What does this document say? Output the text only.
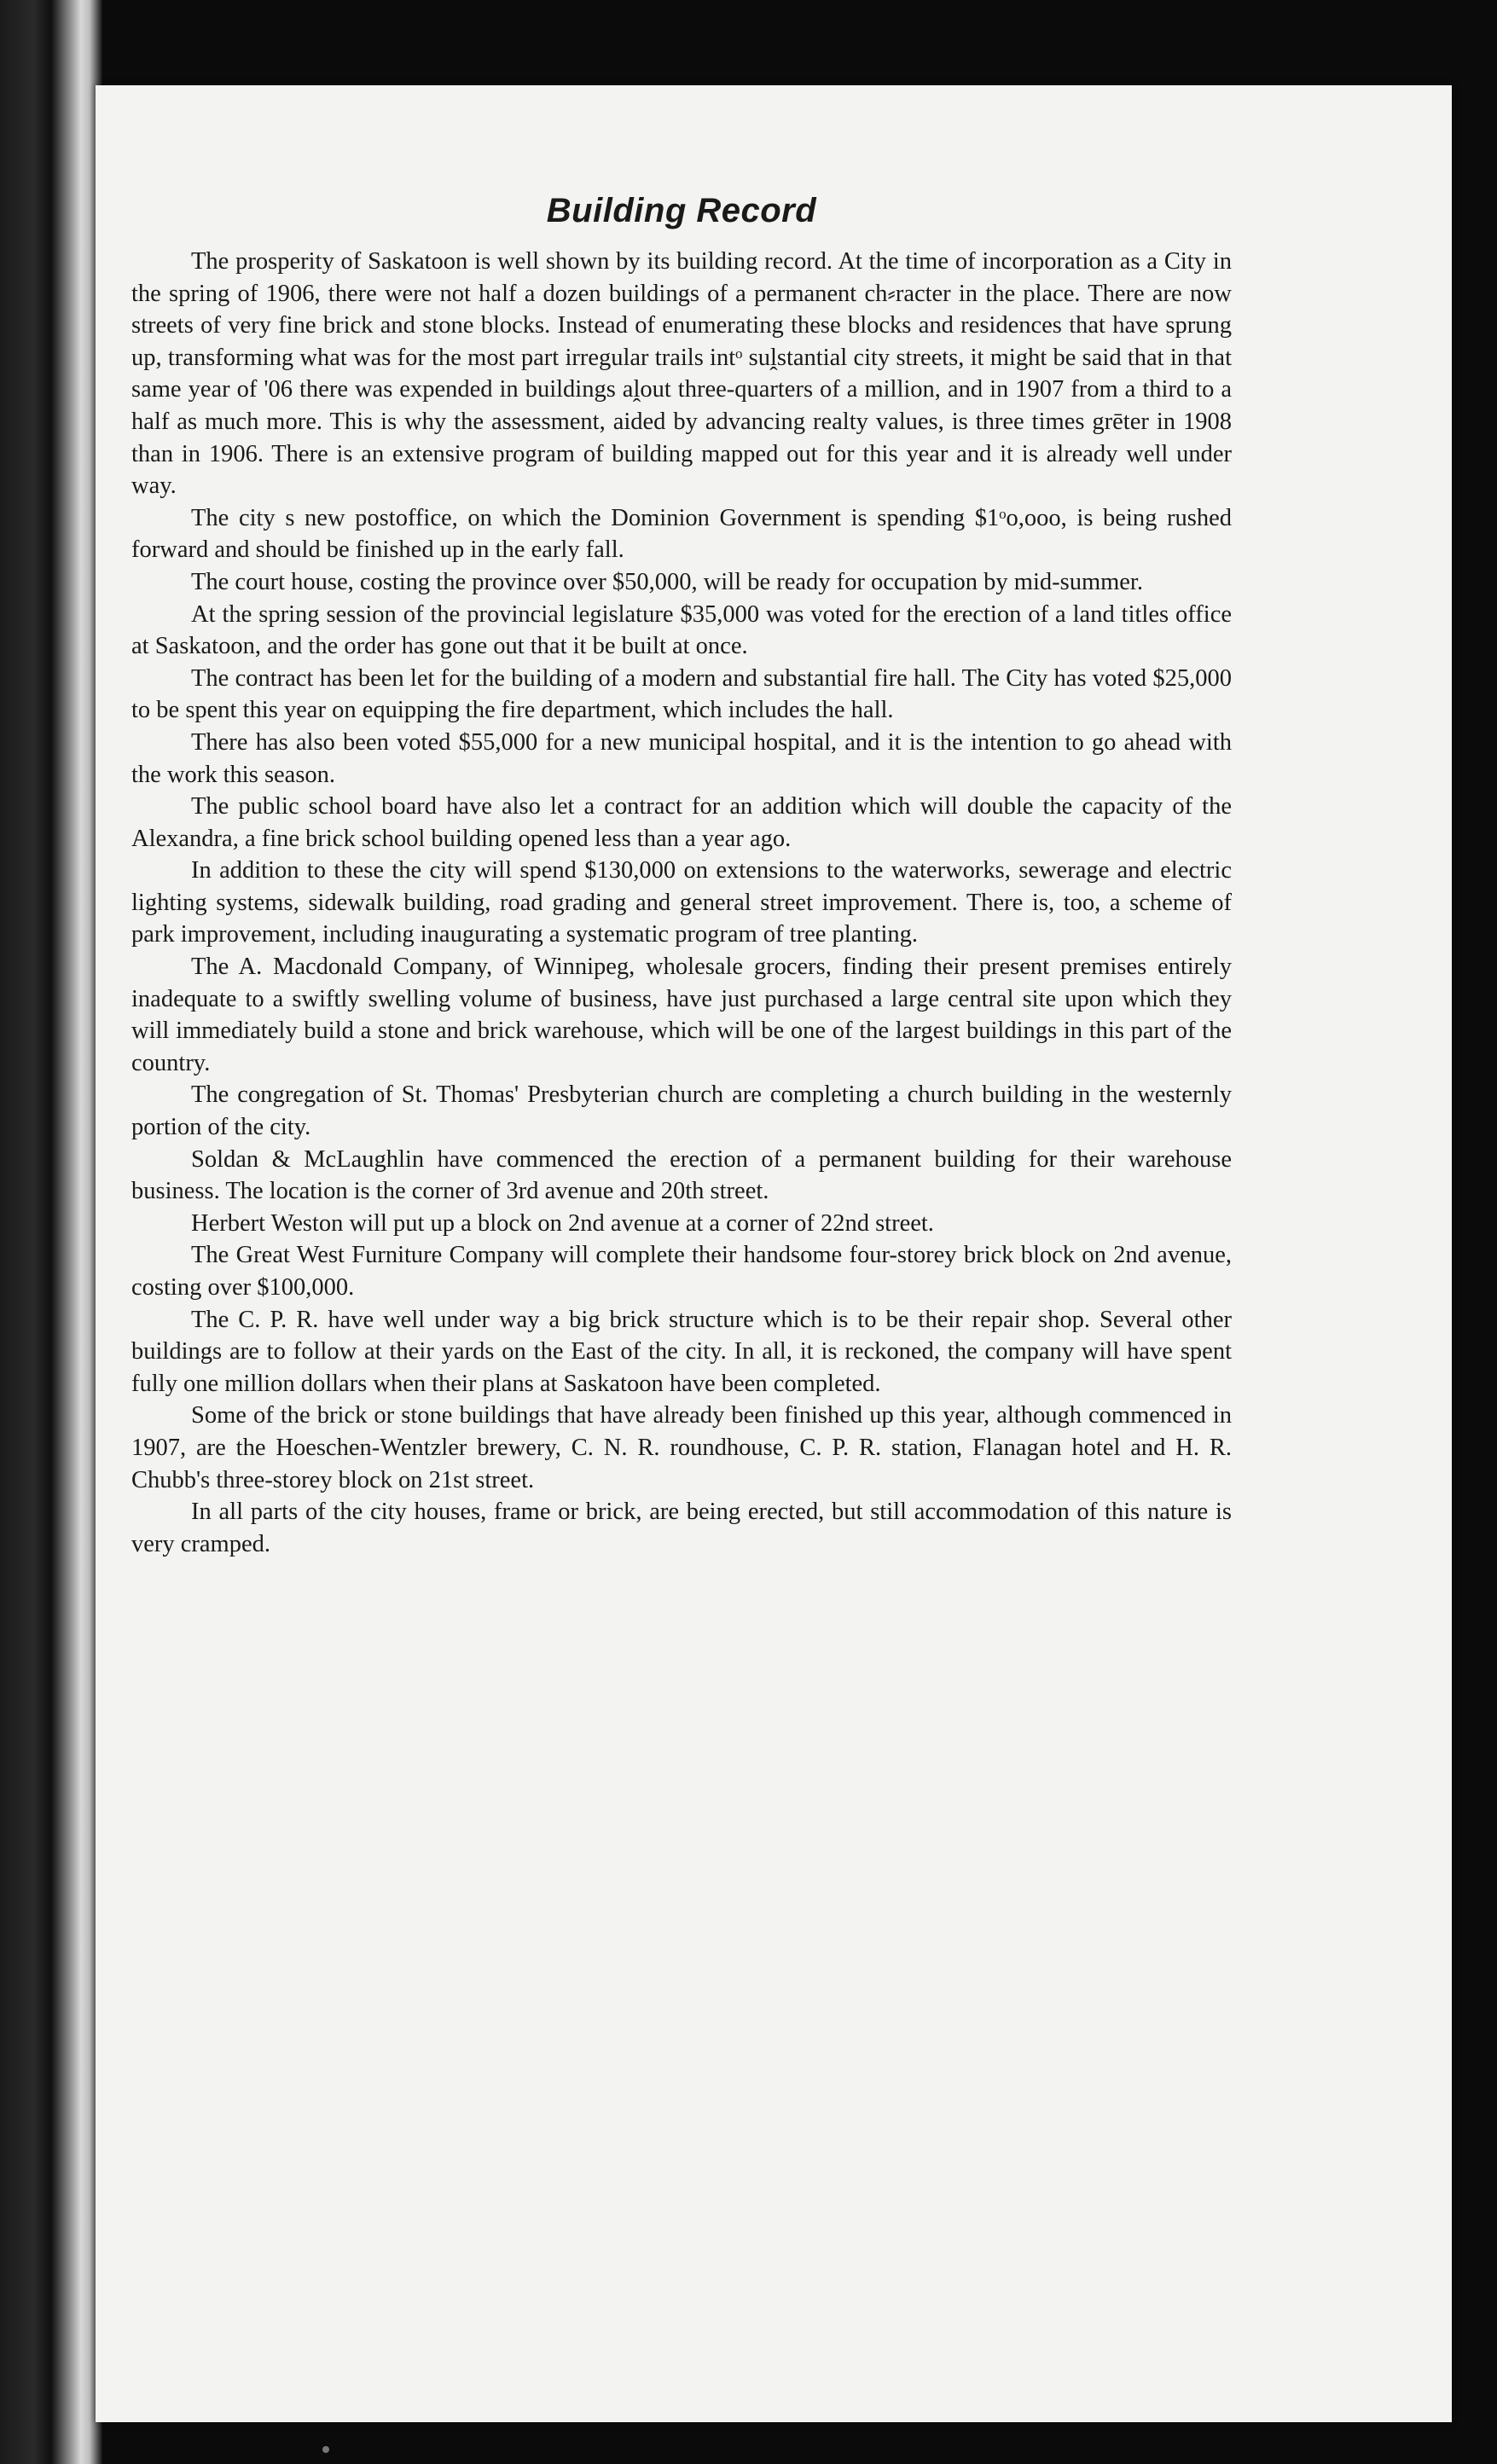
Building Record

The prosperity of Saskatoon is well shown by its building record. At the time of incorporation as a City in the spring of 1906, there were not half a dozen buildings of a permanent ch⸗racter in the place. There are now streets of very fine brick and stone blocks. Instead of enumerating these blocks and residences that have sprung up, transforming what was for the most part irregular trails intᵒ suḽstantial city streets, it might be said that in that same year of '06 there was expended in buildings aḽout three-quarters of a million, and in 1907 from a third to a half as much more. This is why the assessment, aided by advancing realty values, is three times grēter in 1908 than in 1906. There is an extensive program of building mapped out for this year and it is already well under way.

The city s new postoffice, on which the Dominion Government is spending $1ᵒo,ooo, is being rushed forward and should be finished up in the early fall.

The court house, costing the province over $50,000, will be ready for occupation by mid-summer.

At the spring session of the provincial legislature $35,000 was voted for the erection of a land titles office at Saskatoon, and the order has gone out that it be built at once.

The contract has been let for the building of a modern and substantial fire hall. The City has voted $25,000 to be spent this year on equipping the fire department, which includes the hall.

There has also been voted $55,000 for a new municipal hospital, and it is the intention to go ahead with the work this season.

The public school board have also let a contract for an addition which will double the capacity of the Alexandra, a fine brick school building opened less than a year ago.

In addition to these the city will spend $130,000 on extensions to the waterworks, sewerage and electric lighting systems, sidewalk building, road grading and general street improvement. There is, too, a scheme of park improvement, including inaugurating a systematic program of tree planting.

The A. Macdonald Company, of Winnipeg, wholesale grocers, finding their present premises entirely inadequate to a swiftly swelling volume of business, have just purchased a large central site upon which they will immediately build a stone and brick warehouse, which will be one of the largest buildings in this part of the country.

The congregation of St. Thomas' Presbyterian church are completing a church building in the westernly portion of the city.

Soldan & McLaughlin have commenced the erection of a permanent building for their warehouse business. The location is the corner of 3rd avenue and 20th street.

Herbert Weston will put up a block on 2nd avenue at a corner of 22nd street.

The Great West Furniture Company will complete their handsome four-storey brick block on 2nd avenue, costing over $100,000.

The C. P. R. have well under way a big brick structure which is to be their repair shop. Several other buildings are to follow at their yards on the East of the city. In all, it is reckoned, the company will have spent fully one million dollars when their plans at Saskatoon have been completed.

Some of the brick or stone buildings that have already been finished up this year, although commenced in 1907, are the Hoeschen-Wentzler brewery, C. N. R. roundhouse, C. P. R. station, Flanagan hotel and H. R. Chubb's three-storey block on 21st street.

In all parts of the city houses, frame or brick, are being erected, but still accommodation of this nature is very cramped.
